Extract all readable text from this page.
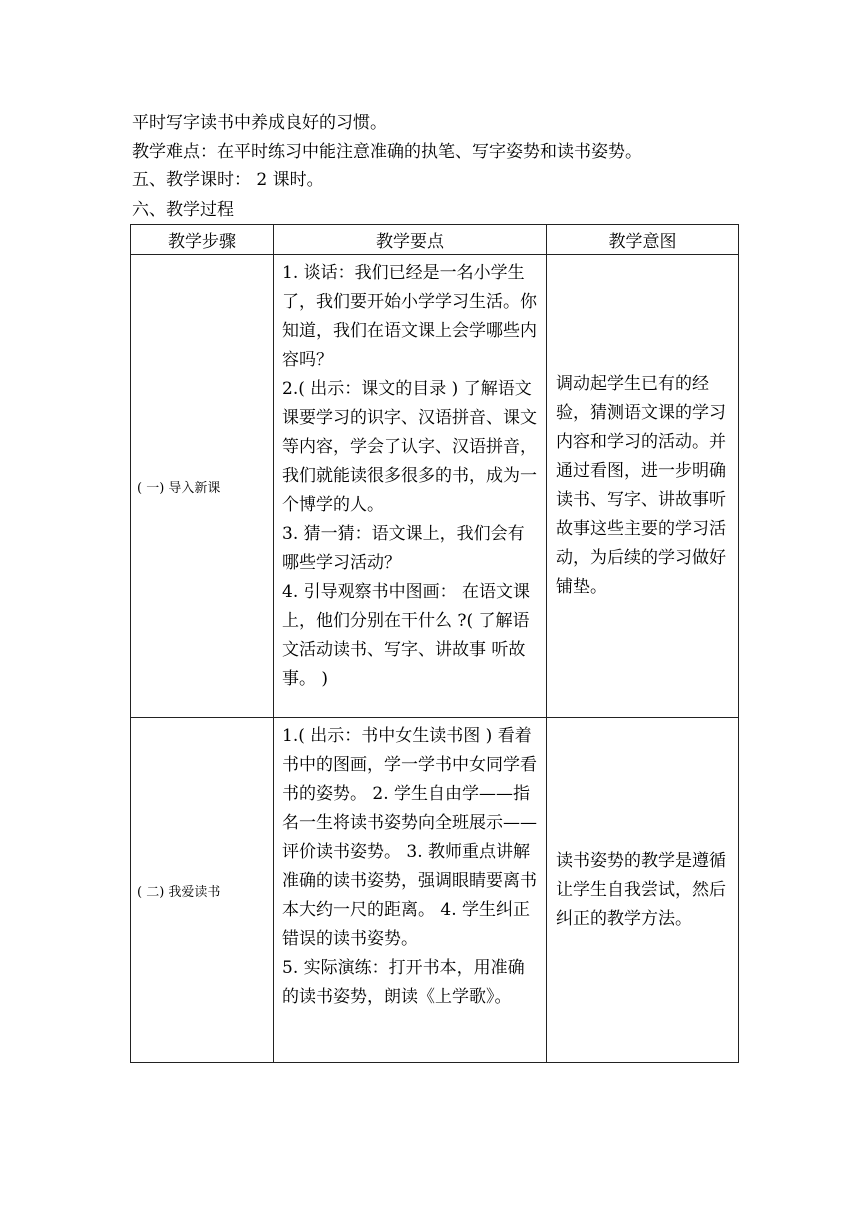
平时写字读书中养成良好的习惯。
教学难点：在平时练习中能注意准确的执笔、写字姿势和读书姿势。
五、教学课时： 2 课时。
六、教学过程
教学步骤	教学要点	教学意图
( 一) 导入新课	1. 谈话：我们已经是一名小学生了，我们要开始小学学习生活。你知道，我们在语文课上会学哪些内容吗？
2.( 出示：课文的目录 ) 了解语文课要学习的识字、汉语拼音、课文等内容，学会了认字、汉语拼音，我们就能读很多很多的书，成为一个博学的人。
3. 猜一猜：语文课上，我们会有哪些学习活动？
4. 引导观察书中图画： 在语文课上，他们分别在干什么 ?( 了解语文活动读书、写字、讲故事 听故事。 )	调动起学生已有的经验，猜测语文课的学习内容和学习的活动。并通过看图，进一步明确读书、写字、讲故事听故事这些主要的学习活动，为后续的学习做好铺垫。
( 二) 我爱读书	1.( 出示：书中女生读书图 ) 看着书中的图画，学一学书中女同学看书的姿势。 2. 学生自由学——指名一生将读书姿势向全班展示——评价读书姿势。 3. 教师重点讲解准确的读书姿势，强调眼睛要离书本大约一尺的距离。 4. 学生纠正错误的读书姿势。
5. 实际演练：打开书本，用准确的读书姿势，朗读《上学歌》。	读书姿势的教学是遵循让学生自我尝试，然后纠正的教学方法。
